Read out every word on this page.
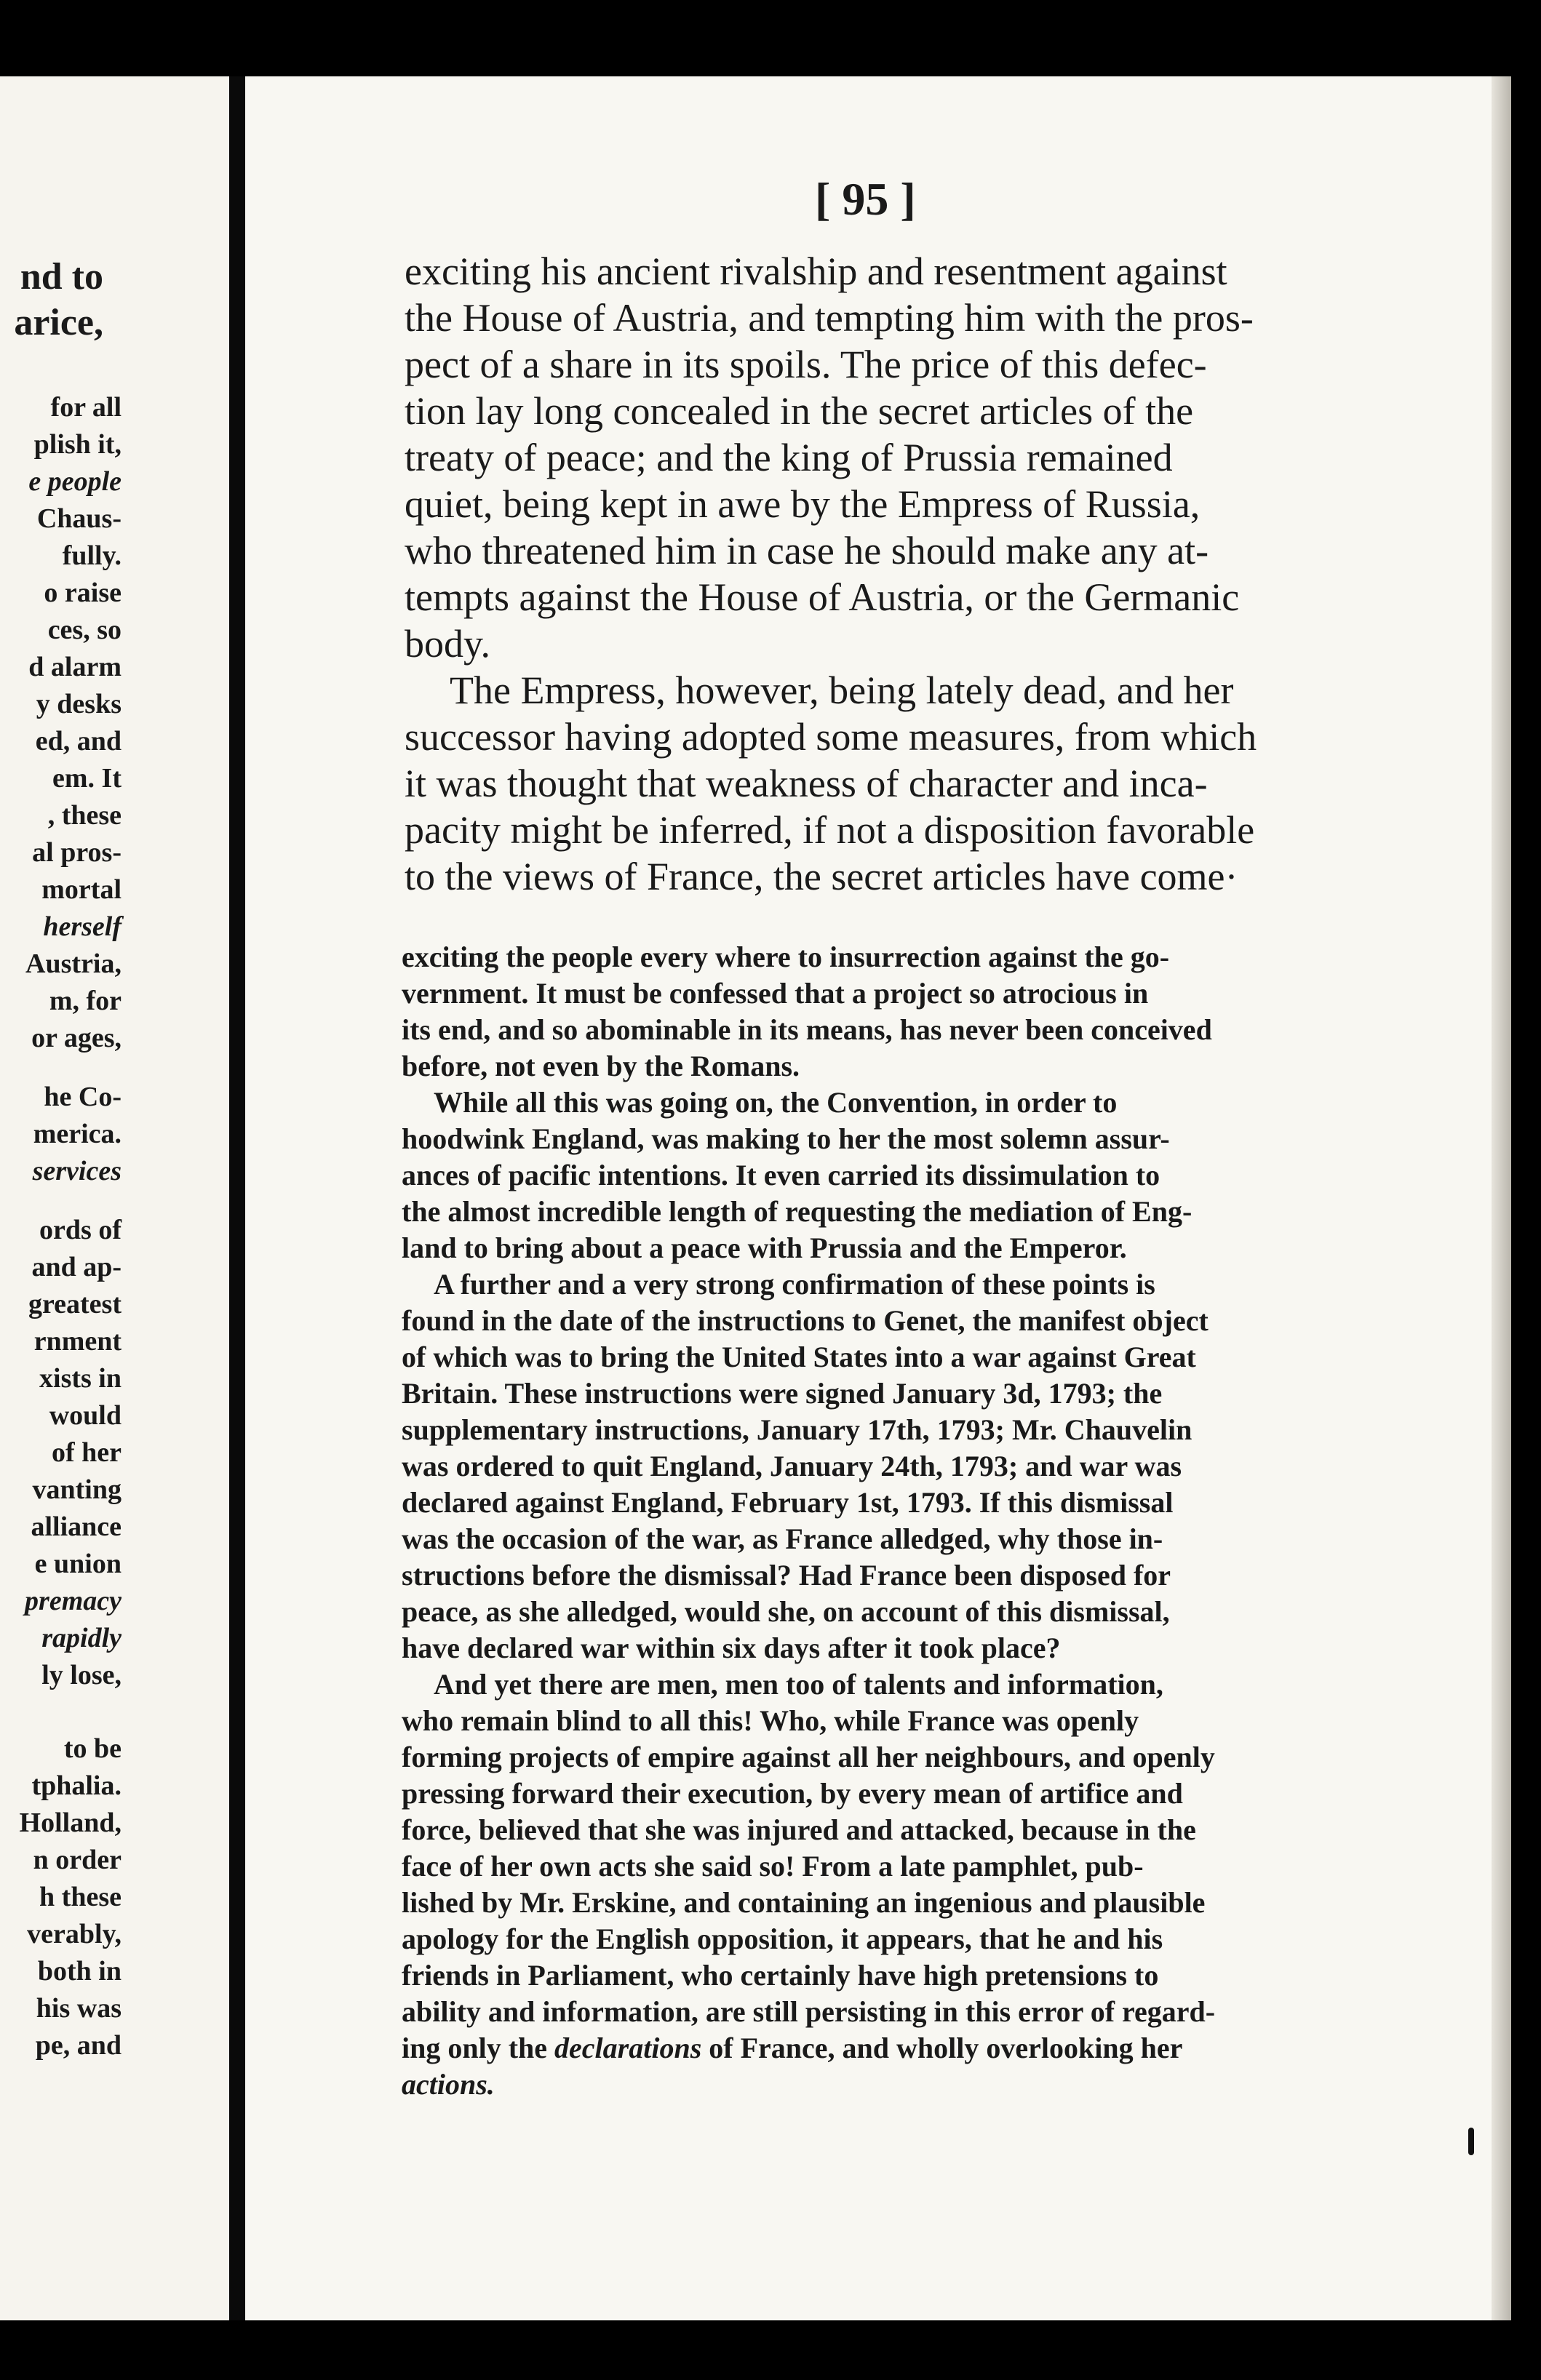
nd to
arice,
for all
plish it,
e people
Chaus-
fully.
o raise
ces, so
d alarm
y desks
ed, and
em. It
, these
al pros-
mortal
herself
Austria,
m, for
or ages,
he Co-
merica.
services
ords of
and ap-
greatest
rnment
xists in
would
of her
vanting
alliance
e union
premacy
rapidly
ly lose,
to be
tphalia.
Holland,
n order
h these
verably,
both in
his was
pe, and
[ 95 ]
exciting his ancient rivalship and resentment against
the House of Austria, and tempting him with the pros-
pect of a share in its spoils. The price of this defec-
tion lay long concealed in the secret articles of the
treaty of peace; and the king of Prussia remained
quiet, being kept in awe by the Empress of Russia,
who threatened him in case he should make any at-
tempts against the House of Austria, or the Germanic
body.
The Empress, however, being lately dead, and her
successor having adopted some measures, from which
it was thought that weakness of character and inca-
pacity might be inferred, if not a disposition favorable
to the views of France, the secret articles have come·
exciting the people every where to insurrection against the go-
vernment. It must be confessed that a project so atrocious in
its end, and so abominable in its means, has never been conceived
before, not even by the Romans.
While all this was going on, the Convention, in order to
hoodwink England, was making to her the most solemn assur-
ances of pacific intentions. It even carried its dissimulation to
the almost incredible length of requesting the mediation of Eng-
land to bring about a peace with Prussia and the Emperor.
A further and a very strong confirmation of these points is
found in the date of the instructions to Genet, the manifest object
of which was to bring the United States into a war against Great
Britain. These instructions were signed January 3d, 1793; the
supplementary instructions, January 17th, 1793; Mr. Chauvelin
was ordered to quit England, January 24th, 1793; and war was
declared against England, February 1st, 1793. If this dismissal
was the occasion of the war, as France alledged, why those in-
structions before the dismissal? Had France been disposed for
peace, as she alledged, would she, on account of this dismissal,
have declared war within six days after it took place?
And yet there are men, men too of talents and information,
who remain blind to all this! Who, while France was openly
forming projects of empire against all her neighbours, and openly
pressing forward their execution, by every mean of artifice and
force, believed that she was injured and attacked, because in the
face of her own acts she said so! From a late pamphlet, pub-
lished by Mr. Erskine, and containing an ingenious and plausible
apology for the English opposition, it appears, that he and his
friends in Parliament, who certainly have high pretensions to
ability and information, are still persisting in this error of regard-
ing only the declarations of France, and wholly overlooking her
actions.
